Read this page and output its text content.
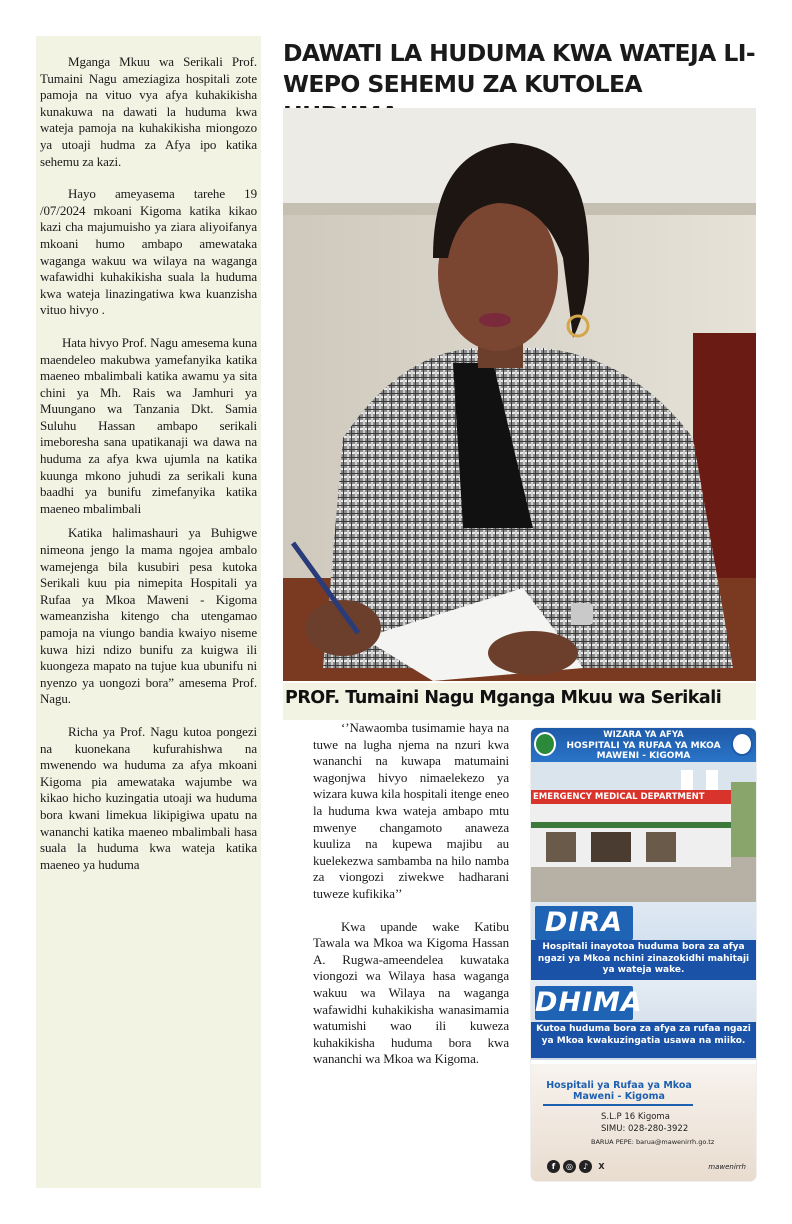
Mganga Mkuu wa Serikali Prof. Tumaini Nagu ameziagiza hospitali zote pamoja na vituo vya afya kuhakikisha kunakuwa na dawati la huduma kwa wateja pamoja na kuhakikisha miongozo ya utoaji hudma za Afya ipo katika sehemu za kazi.

Hayo ameyasema tarehe 19 /07/2024 mkoani Kigoma katika kikao kazi cha majumuisho ya ziara aliyoifanya mkoani humo ambapo amewataka waganga wakuu wa wilaya na waganga wafawidhi kuhakikisha suala la huduma kwa wateja linazingatiwa kwa kuanzisha vituo hivyo .

Hata hivyo Prof. Nagu amesema kuna maendeleo makubwa yamefanyika katika maeneo mbalimbali katika awamu ya sita chini ya Mh. Rais wa Jamhuri ya Muungano wa Tanzania Dkt. Samia Suluhu Hassan ambapo serikali imeboresha sana upatikanaji wa dawa na huduma za afya kwa ujumla na katika kuunga mkono juhudi za serikali kuna baadhi ya bunifu zimefanyika katika maeneo mbalimbali

Katika halimashauri ya Buhigwe nimeona jengo la mama ngojea ambalo wamejenga bila kusubiri pesa kutoka Serikali kuu pia nimepita Hospitali ya Rufaa ya Mkoa Maweni - Kigoma wameanzisha kitengo cha utengamao pamoja na viungo bandia kwaiyo niseme kuwa hizi ndizo bunifu za kuigwa ili kuongeza mapato na tujue kua ubunifu ni nyenzo ya uongozi bora” amesema Prof. Nagu.

Richa ya Prof. Nagu kutoa pongezi na kuonekana kufurahishwa na mwenendo wa huduma za afya mkoani Kigoma pia amewataka wajumbe wa kikao hicho kuzingatia utoaji wa huduma bora kwani limekua likipigiwa upatu na wananchi katika maeneo mbalimbali hasa suala la huduma kwa wateja katika maeneo ya huduma

DAWATI LA HUDUMA KWA WATEJA LI-WEPO SEHEMU ZA KUTOLEA
PROF. Tumaini Nagu Mganga Mkuu wa Serikali

‘’Nawaomba tusimamie haya na tuwe na lugha njema na nzuri kwa wananchi na kuwapa matumaini wagonjwa hivyo nimaelekezo ya wizara kuwa kila hospitali itenge eneo la huduma kwa wateja ambapo mtu mwenye changamoto anaweza kuuliza na kupewa majibu au kuelekezwa sambamba na hilo namba za viongozi ziwekwe hadharani tuweze kufikika’’

Kwa upande wake Katibu Tawala wa Mkoa wa Kigoma Hassan A. Rugwa-ameendelea kuwataka viongozi wa Wilaya hasa waganga wakuu wa Wilaya na waganga wafawidhi kuhakikisha wanasimamia watumishi wao ili kuweza kuhakikisha huduma bora kwa wananchi wa Mkoa wa Kigoma.

WIZARA YA AFYA
HOSPITALI YA RUFAA YA MKOA
MAWENI - KIGOMA
EMERGENCY MEDICAL DEPARTMENT
DIRA
Hospitali inayotoa huduma bora za afya ngazi ya Mkoa nchini zinazokidhi mahitaji ya wateja wake.
DHIMA
Kutoa huduma bora za afya za rufaa ngazi ya Mkoa kwakuzingatia usawa na miiko.
Hospitali ya Rufaa ya Mkoa
Maweni - Kigoma
S.L.P 16 Kigoma
SIMU: 028-280-3922
BARUA PEPE: barua@mawenirrh.go.tz
f	◎	♪	X	mawenirrh
